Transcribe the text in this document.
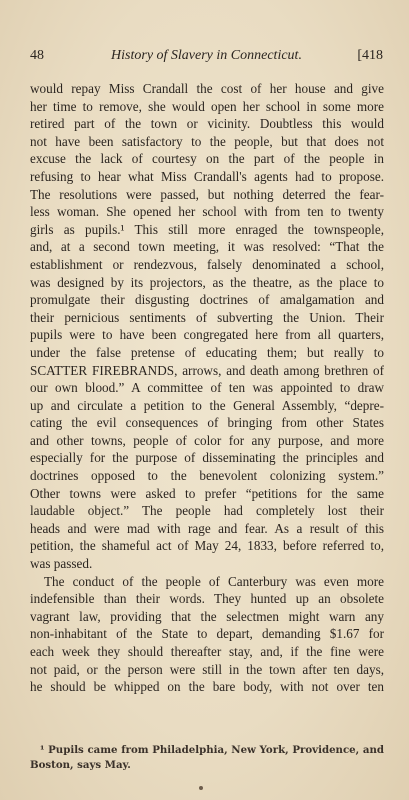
48	History of Slavery in Connecticut.	[418
would repay Miss Crandall the cost of her house and give
her time to remove, she would open her school in some more
retired part of the town or vicinity. Doubtless this would
not have been satisfactory to the people, but that does not
excuse the lack of courtesy on the part of the people in
refusing to hear what Miss Crandall's agents had to propose.
The resolutions were passed, but nothing deterred the fear-
less woman. She opened her school with from ten to twenty
girls as pupils.¹ This still more enraged the townspeople,
and, at a second town meeting, it was resolved: “That the
establishment or rendezvous, falsely denominated a school,
was designed by its projectors, as the theatre, as the place to
promulgate their disgusting doctrines of amalgamation and
their pernicious sentiments of subverting the Union. Their
pupils were to have been congregated here from all quarters,
under the false pretense of educating them; but really to
SCATTER FIREBRANDS, arrows, and death among brethren of
our own blood.” A committee of ten was appointed to draw
up and circulate a petition to the General Assembly, “depre-
cating the evil consequences of bringing from other States
and other towns, people of color for any purpose, and more
especially for the purpose of disseminating the principles and
doctrines opposed to the benevolent colonizing system.”
Other towns were asked to prefer “petitions for the same
laudable object.” The people had completely lost their
heads and were mad with rage and fear. As a result of this
petition, the shameful act of May 24, 1833, before referred to,
was passed.
The conduct of the people of Canterbury was even more
indefensible than their words. They hunted up an obsolete
vagrant law, providing that the selectmen might warn any
non-inhabitant of the State to depart, demanding $1.67 for
each week they should thereafter stay, and, if the fine were
not paid, or the person were still in the town after ten days,
he should be whipped on the bare body, with not over ten
¹ Pupils came from Philadelphia, New York, Providence, and
Boston, says May.
